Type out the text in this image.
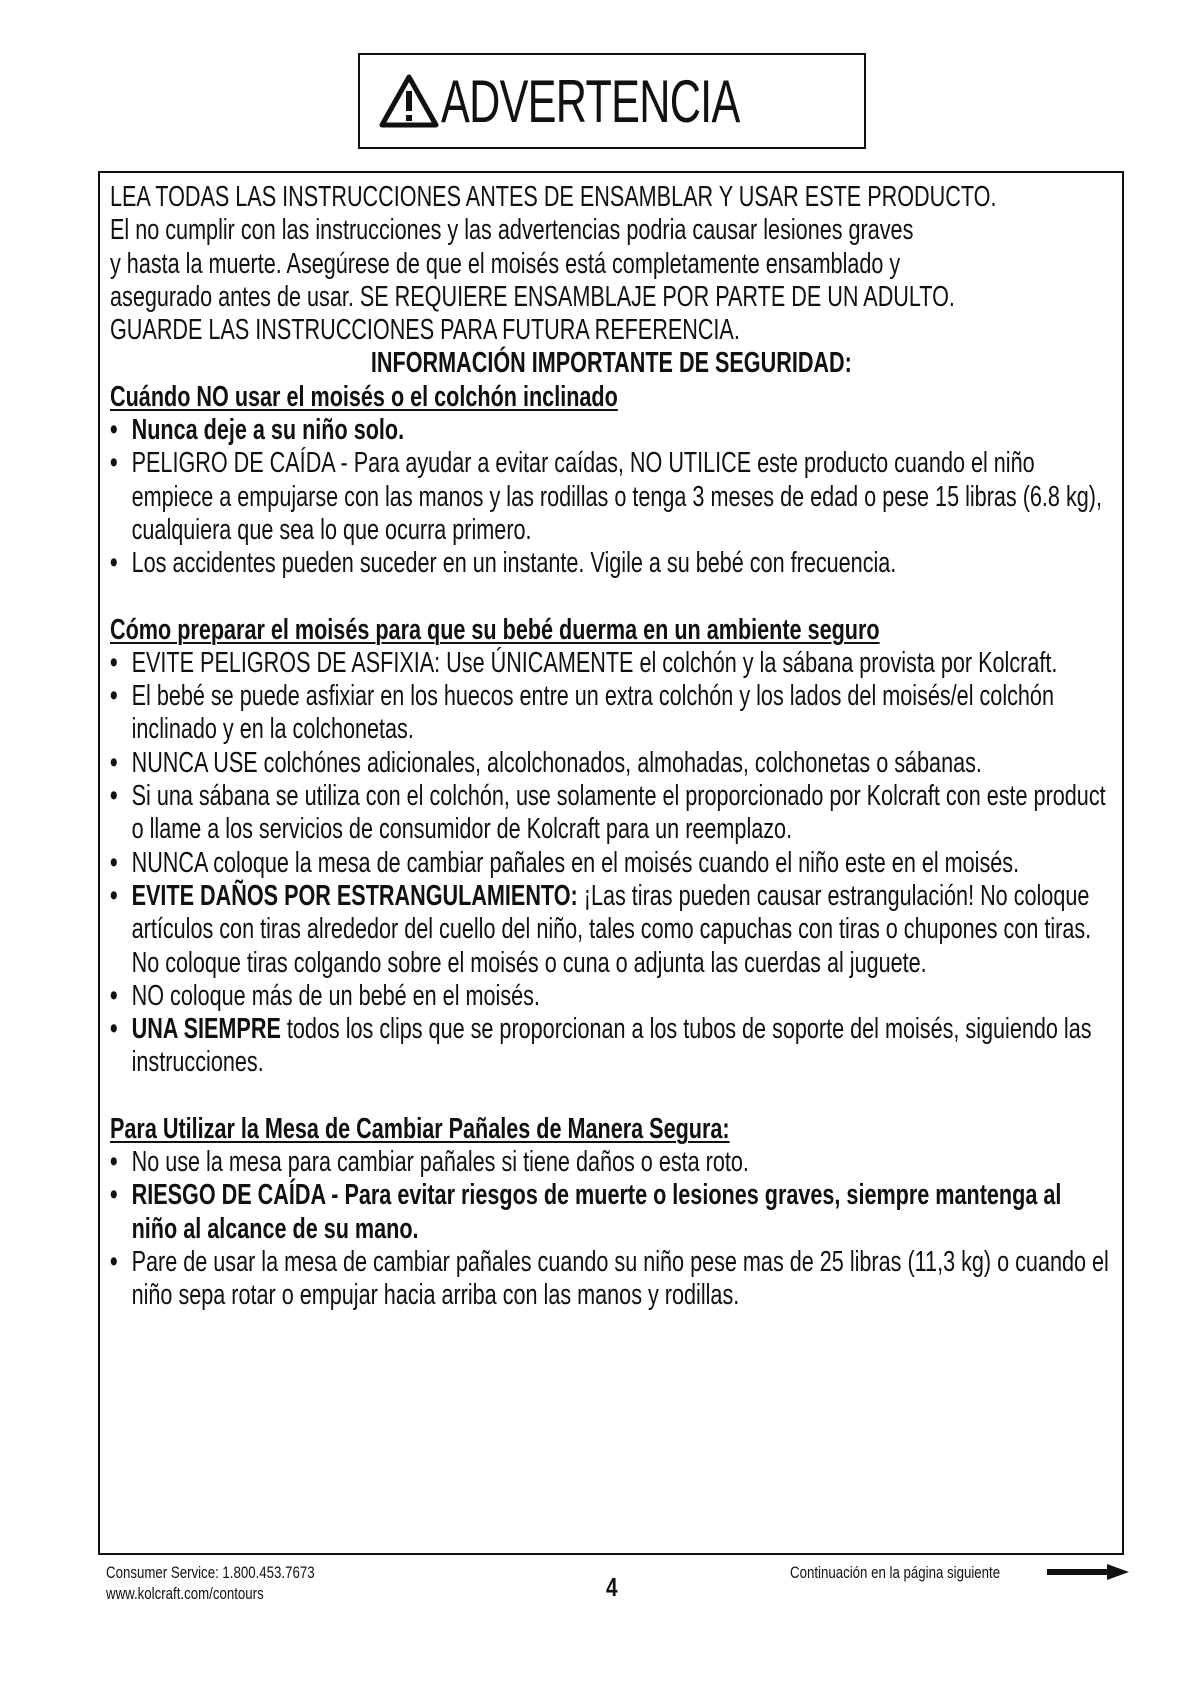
ADVERTENCIA

LEA TODAS LAS INSTRUCCIONES ANTES DE ENSAMBLAR Y USAR ESTE PRODUCTO.

El no cumplir con las instrucciones y las advertencias podria causar lesiones graves

y hasta la muerte. Asegúrese de que el moisés está completamente ensamblado y

asegurado antes de usar. SE REQUIERE ENSAMBLAJE POR PARTE DE UN ADULTO.

GUARDE LAS INSTRUCCIONES PARA FUTURA REFERENCIA.

INFORMACIÓN IMPORTANTE DE SEGURIDAD:

Cuándo NO usar el moisés o el colchón inclinado

• Nunca deje a su niño solo.
• PELIGRO DE CAÍDA - Para ayudar a evitar caídas, NO UTILICE este producto cuando el niño empiece a empujarse con las manos y las rodillas o tenga 3 meses de edad o pese 15 libras (6.8 kg), cualquiera que sea lo que ocurra primero.
• Los accidentes pueden suceder en un instante. Vigile a su bebé con frecuencia.

Cómo preparar el moisés para que su bebé duerma en un ambiente seguro

• EVITE PELIGROS DE ASFIXIA: Use ÚNICAMENTE el colchón y la sábana provista por Kolcraft.
• El bebé se puede asfixiar en los huecos entre un extra colchón y los lados del moisés/el colchón inclinado y en la colchonetas.
• NUNCA USE colchónes adicionales, alcolchonados, almohadas, colchonetas o sábanas.
• Si una sábana se utiliza con el colchón, use solamente el proporcionado por Kolcraft con este product o llame a los servicios de consumidor de Kolcraft para un reemplazo.
• NUNCA coloque la mesa de cambiar pañales en el moisés cuando el niño este en el moisés.
• EVITE DAÑOS POR ESTRANGULAMIENTO: ¡Las tiras pueden causar estrangulación! No coloque artículos con tiras alrededor del cuello del niño, tales como capuchas con tiras o chupones con tiras. No coloque tiras colgando sobre el moisés o cuna o adjunta las cuerdas al juguete.
• NO coloque más de un bebé en el moisés.
• UNA SIEMPRE todos los clips que se proporcionan a los tubos de soporte del moisés, siguiendo las instrucciones.

Para Utilizar la Mesa de Cambiar Pañales de Manera Segura:

• No use la mesa para cambiar pañales si tiene daños o esta roto.
• RIESGO DE CAÍDA - Para evitar riesgos de muerte o lesiones graves, siempre mantenga al niño al alcance de su mano.
• Pare de usar la mesa de cambiar pañales cuando su niño pese mas de 25 libras (11,3 kg) o cuando el niño sepa rotar o empujar hacia arriba con las manos y rodillas.
Consumer Service: 1.800.453.7673
www.kolcraft.com/contours	4	Continuación en la página siguiente
